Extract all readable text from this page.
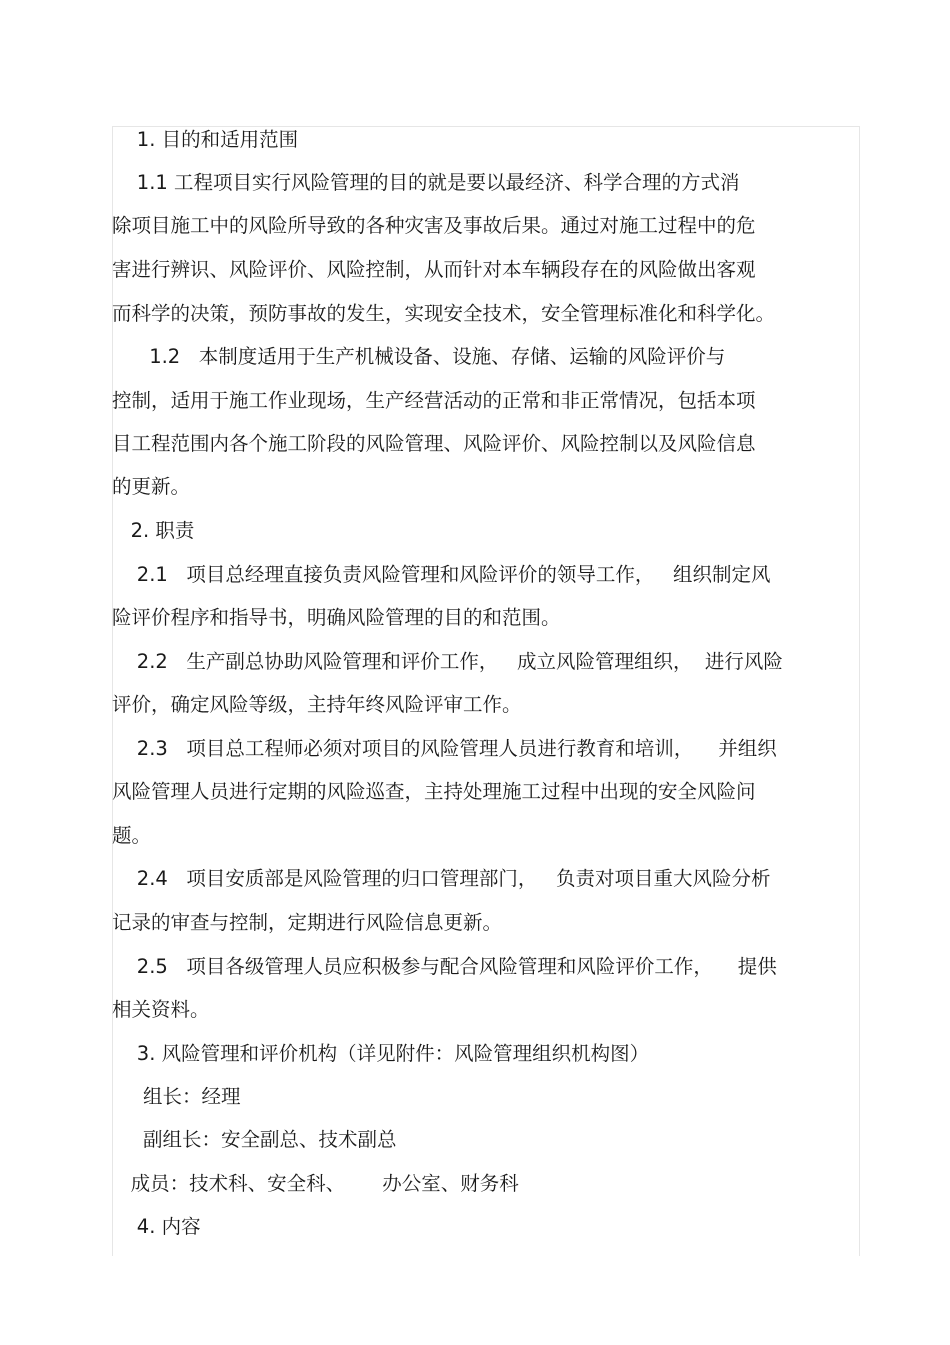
1. 目的和适用范围
1.1 工程项目实行风险管理的目的就是要以最经济、科学合理的方式消
除项目施工中的风险所导致的各种灾害及事故后果。通过对施工过程中的危
害进行辨识、风险评价、风险控制，从而针对本车辆段存在的风险做出客观
而科学的决策，预防事故的发生，实现安全技术，安全管理标准化和科学化。
1.2   本制度适用于生产机械设备、设施、存储、运输的风险评价与
控制，适用于施工作业现场，生产经营活动的正常和非正常情况，包括本项
目工程范围内各个施工阶段的风险管理、风险评价、风险控制以及风险信息
的更新。
2. 职责
2.1   项目总经理直接负责风险管理和风险评价的领导工作，   组织制定风
险评价程序和指导书，明确风险管理的目的和范围。
2.2   生产副总协助风险管理和评价工作，   成立风险管理组织，  进行风险
评价，确定风险等级，主持年终风险评审工作。
2.3   项目总工程师必须对项目的风险管理人员进行教育和培训，    并组织
风险管理人员进行定期的风险巡查，主持处理施工过程中出现的安全风险问
题。
2.4   项目安质部是风险管理的归口管理部门，   负责对项目重大风险分析
记录的审查与控制，定期进行风险信息更新。
2.5   项目各级管理人员应积极参与配合风险管理和风险评价工作，    提供
相关资料。
3. 风险管理和评价机构（详见附件：风险管理组织机构图）
组长：经理
副组长：安全副总、技术副总
成员：技术科、安全科、      办公室、财务科
4. 内容
